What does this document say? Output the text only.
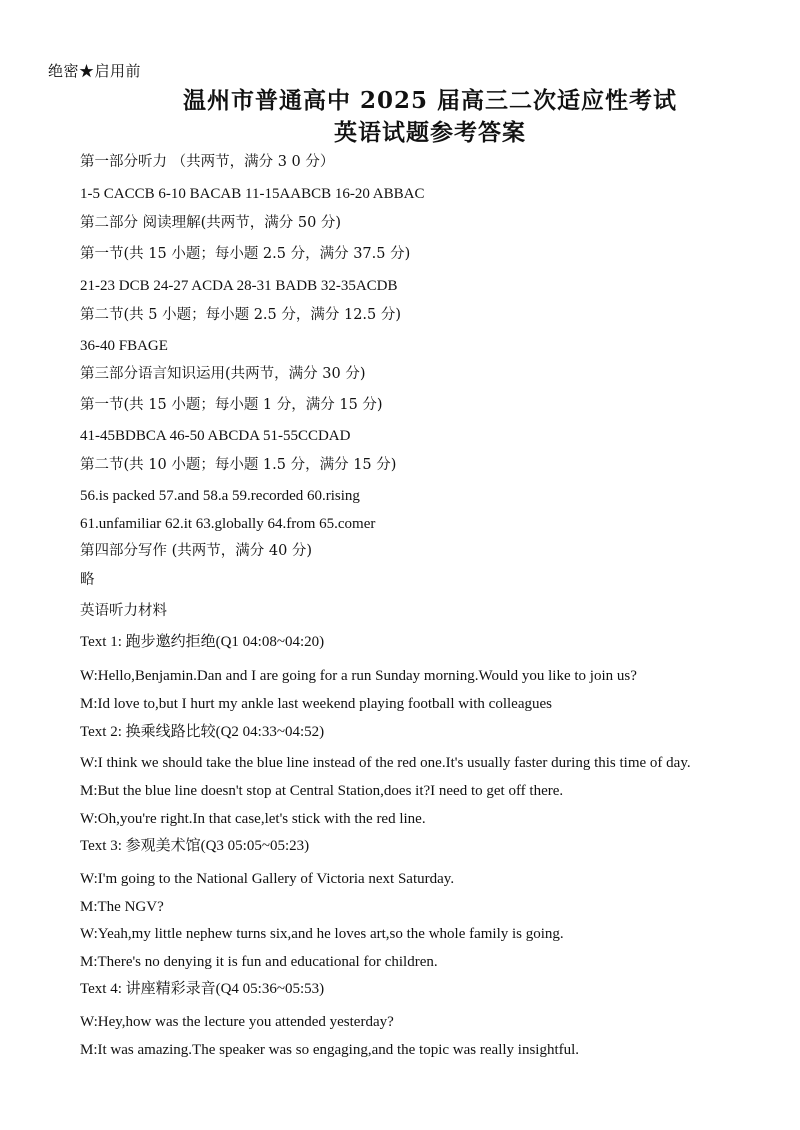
绝密★启用前
温州市普通高中 2025 届高三二次适应性考试
英语试题参考答案
第一部分听力 （共两节，满分 3 0 分）
1-5 CACCB 6-10 BACAB 11-15AABCB 16-20 ABBAC
第二部分 阅读理解(共两节，满分 50 分)
第一节(共 15 小题；每小题 2.5 分，满分 37.5 分)
21-23 DCB 24-27 ACDA 28-31 BADB 32-35ACDB
第二节(共 5 小题；每小题 2.5 分，满分 12.5 分)
36-40 FBAGE
第三部分语言知识运用(共两节，满分 30 分)
第一节(共 15 小题；每小题 1 分，满分 15 分)
41-45BDBCA 46-50 ABCDA 51-55CCDAD
第二节(共 10 小题；每小题 1.5 分，满分 15 分)
56.is packed 57.and 58.a 59.recorded 60.rising
61.unfamiliar 62.it 63.globally 64.from 65.comer
第四部分写作 (共两节，满分 40 分)
略
英语听力材料
Text 1: 跑步邀约拒绝(Q1 04:08~04:20)
W:Hello,Benjamin.Dan and I are going for a run Sunday morning.Would you like to join us?
M:Id love to,but I hurt my ankle last weekend playing football with colleagues
Text 2: 换乘线路比较(Q2 04:33~04:52)
W:I think we should take the blue line instead of the red one.It's usually faster during this time of day.
M:But the blue line doesn't stop at Central Station,does it?I need to get off there.
W:Oh,you're right.In that case,let's stick with the red line.
Text 3: 参观美术馆(Q3 05:05~05:23)
W:I'm going to the National Gallery of Victoria next Saturday.
M:The NGV?
W:Yeah,my little nephew turns six,and he loves art,so the whole family is going.
M:There's no denying it is fun and educational for children.
Text 4: 讲座精彩录音(Q4 05:36~05:53)
W:Hey,how was the lecture you attended yesterday?
M:It was amazing.The speaker was so engaging,and the topic was really insightful.
